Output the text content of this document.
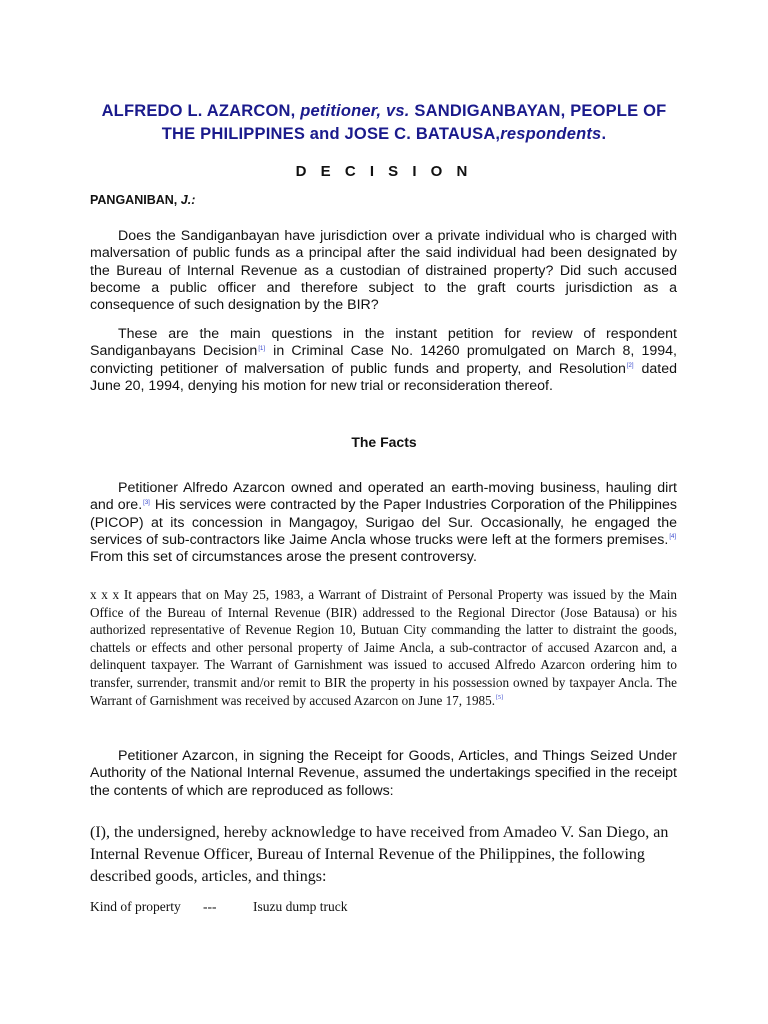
ALFREDO L. AZARCON, petitioner, vs. SANDIGANBAYAN, PEOPLE OF THE PHILIPPINES and JOSE C. BATAUSA,respondents.
D E C I S I O N
PANGANIBAN, J.:

Does the Sandiganbayan have jurisdiction over a private individual who is charged with malversation of public funds as a principal after the said individual had been designated by the Bureau of Internal Revenue as a custodian of distrained property? Did such accused become a public officer and therefore subject to the graft courts jurisdiction as a consequence of such designation by the BIR?

These are the main questions in the instant petition for review of respondent Sandiganbayans Decision[1] in Criminal Case No. 14260 promulgated on March 8, 1994, convicting petitioner of malversation of public funds and property, and Resolution[2] dated June 20, 1994, denying his motion for new trial or reconsideration thereof.

The Facts

Petitioner Alfredo Azarcon owned and operated an earth-moving business, hauling dirt and ore.[3] His services were contracted by the Paper Industries Corporation of the Philippines (PICOP) at its concession in Mangagoy, Surigao del Sur. Occasionally, he engaged the services of sub-contractors like Jaime Ancla whose trucks were left at the formers premises.[4] From this set of circumstances arose the present controversy.

x x x It appears that on May 25, 1983, a Warrant of Distraint of Personal Property was issued by the Main Office of the Bureau of Internal Revenue (BIR) addressed to the Regional Director (Jose Batausa) or his authorized representative of Revenue Region 10, Butuan City commanding the latter to distraint the goods, chattels or effects and other personal property of Jaime Ancla, a sub-contractor of accused Azarcon and, a delinquent taxpayer. The Warrant of Garnishment was issued to accused Alfredo Azarcon ordering him to transfer, surrender, transmit and/or remit to BIR the property in his possession owned by taxpayer Ancla. The Warrant of Garnishment was received by accused Azarcon on June 17, 1985.[5]

Petitioner Azarcon, in signing the Receipt for Goods, Articles, and Things Seized Under Authority of the National Internal Revenue, assumed the undertakings specified in the receipt the contents of which are reproduced as follows:

(I), the undersigned, hereby acknowledge to have received from Amadeo V. San Diego, an Internal Revenue Officer, Bureau of Internal Revenue of the Philippines, the following described goods, articles, and things:

Kind of property ---	Isuzu dump truck
